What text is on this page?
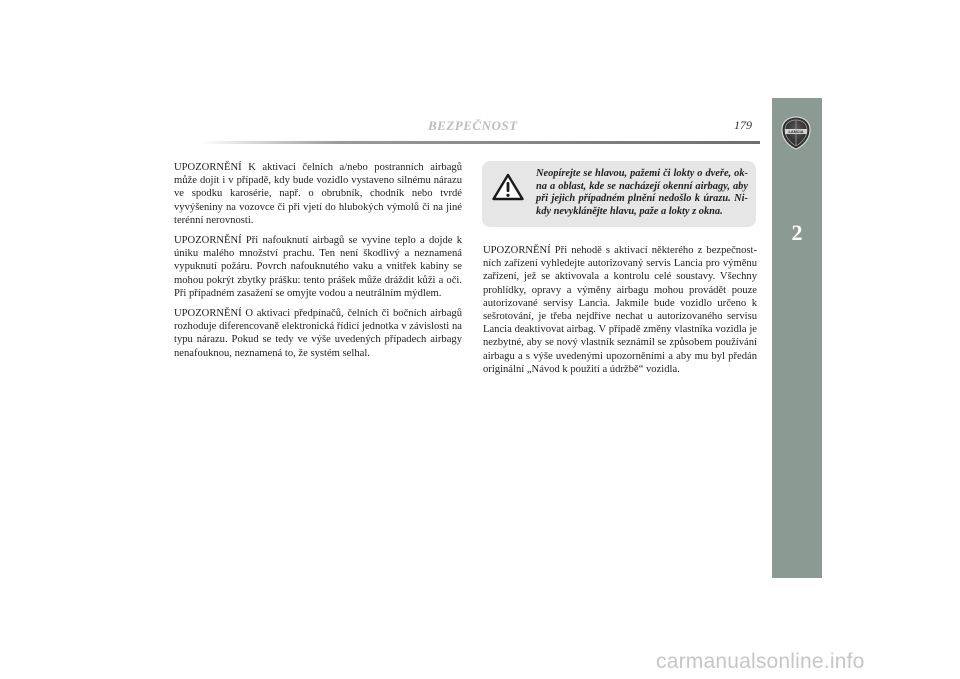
BEZPEČNOST	179	LANCIA
2

UPOZORNĚNÍ K aktivaci čelních a/nebo postranních airbagů může dojít i v případě, kdy bude vozidlo vystaveno silnému nárazu ve spodku karosérie, např. o obrubník, chodník nebo tvrdé vyvýšeniny na vozovce či při vjetí do hlubokých výmolů či na jiné terénní nerovnosti.

UPOZORNĚNÍ Při nafouknutí airbagů se vyvine teplo a dojde k úniku malého množství prachu. Ten není škodlivý a neznamená vypuknutí požáru. Povrch nafouknutého vaku a vnitřek kabiny se mohou pokrýt zbytky prášku: tento prášek může dráždit kůži a oči. Při případném zasažení se omyjte vodou a neutrálním mýdlem.

UPOZORNĚNÍ O aktivaci předpínačů, čelních či bočních airbagů rozhoduje diferencovaně elektronická řídicí jednotka v závislosti na typu nárazu. Pokud se tedy ve výše uvedených případech airbagy nenafouknou, neznamená to, že systém selhal.

Neopírejte se hlavou, pažemi či lokty o dveře, okna a oblast, kde se nacházejí okenní airbagy, aby při jejich případném plnění nedošlo k úrazu. Nikdy nevykláněјte hlavu, paže a lokty z okna.

UPOZORNĚNÍ Při nehodě s aktivací některého z bezpečnostních zařízení vyhledejte autorizovaný servis Lancia pro výměnu zařízení, jež se aktivovala a kontrolu celé soustavy. Všechny prohlídky, opravy a výměny airbagu mohou provádět pouze autorizované servisy Lancia. Jakmile bude vozidlo určeno k sešrotování, je třeba nejdříve nechat u autorizovaného servisu Lancia deaktivovat airbag. V případě změny vlastníka vozidla je nezbytné, aby se nový vlastník seznámil se způsobem používání airbagu a s výše uvedenými upozorněními a aby mu byl předán originální „Návod k použití a údržbě“ vozidla.

carmanualsonline.info
